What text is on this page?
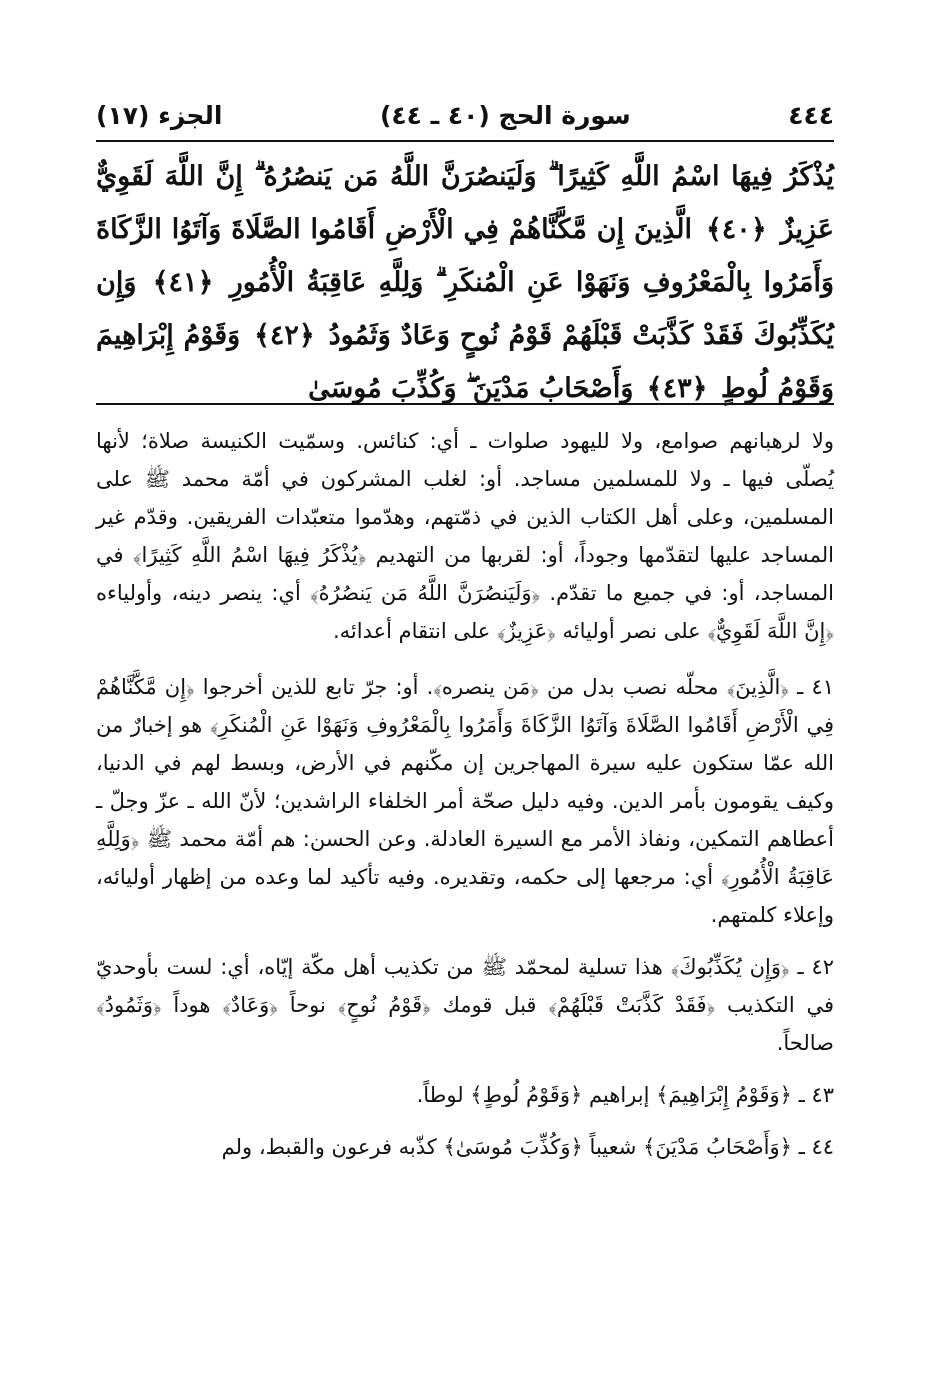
٤٤٤
سورة الحج (٤٠ ـ ٤٤)
الجزء (١٧)
يُذْكَرُ فِيهَا اسْمُ اللَّهِ كَثِيرًا ۗ وَلَيَنصُرَنَّ اللَّهُ مَن يَنصُرُهُ ۗ إِنَّ اللَّهَ لَقَوِيٌّ عَزِيزٌ ﴿٤٠﴾ الَّذِينَ إِن مَّكَّنَّاهُمْ فِي الْأَرْضِ أَقَامُوا الصَّلَاةَ وَآتَوُا الزَّكَاةَ وَأَمَرُوا بِالْمَعْرُوفِ وَنَهَوْا عَنِ الْمُنكَرِ ۗ وَلِلَّهِ عَاقِبَةُ الْأُمُورِ ﴿٤١﴾ وَإِن يُكَذِّبُوكَ فَقَدْ كَذَّبَتْ قَبْلَهُمْ قَوْمُ نُوحٍ وَعَادٌ وَثَمُودُ ﴿٤٢﴾ وَقَوْمُ إِبْرَاهِيمَ وَقَوْمُ لُوطٍ ﴿٤٣﴾ وَأَصْحَابُ مَدْيَنَ ۖ وَكُذِّبَ مُوسَىٰ

ولا لرهبانهم صوامع، ولا لليهود صلوات ـ أي: كنائس. وسمّيت الكنيسة صلاة؛ لأنها يُصلّى فيها ـ ولا للمسلمين مساجد. أو: لغلب المشركون في أمّة محمد ﷺ على المسلمين، وعلى أهل الكتاب الذين في ذمّتهم، وهدّموا متعبّدات الفريقين. وقدّم غير المساجد عليها لتقدّمها وجوداً، أو: لقربها من التهديم ﴿يُذْكَرُ فِيهَا اسْمُ اللَّهِ كَثِيرًا﴾ في المساجد، أو: في جميع ما تقدّم. ﴿وَلَيَنصُرَنَّ اللَّهُ مَن يَنصُرُهُ﴾ أي: ينصر دينه، وأولياءه ﴿إِنَّ اللَّهَ لَقَوِيٌّ﴾ على نصر أوليائه ﴿عَزِيزٌ﴾ على انتقام أعدائه.

٤١ ـ ﴿الَّذِينَ﴾ محلّه نصب بدل من ﴿مَن ينصره﴾. أو: جرّ تابع للذين أخرجوا ﴿إِن مَّكَّنَّاهُمْ فِي الْأَرْضِ أَقَامُوا الصَّلَاةَ وَآتَوُا الزَّكَاةَ وَأَمَرُوا بِالْمَعْرُوفِ وَنَهَوْا عَنِ الْمُنكَرِ﴾ هو إخبارٌ من الله عمّا ستكون عليه سيرة المهاجرين إن مكّنهم في الأرض، وبسط لهم في الدنيا، وكيف يقومون بأمر الدين. وفيه دليل صحّة أمر الخلفاء الراشدين؛ لأنّ الله ـ عزّ وجلّ ـ أعطاهم التمكين، ونفاذ الأمر مع السيرة العادلة. وعن الحسن: هم أمّة محمد ﷺ ﴿وَلِلَّهِ عَاقِبَةُ الْأُمُورِ﴾ أي: مرجعها إلى حكمه، وتقديره. وفيه تأكيد لما وعده من إظهار أوليائه، وإعلاء كلمتهم.

٤٢ ـ ﴿وَإِن يُكَذِّبُوكَ﴾ هذا تسلية لمحمّد ﷺ من تكذيب أهل مكّة إيّاه، أي: لست بأوحديّ في التكذيب ﴿فَقَدْ كَذَّبَتْ قَبْلَهُمْ﴾ قبل قومك ﴿قَوْمُ نُوحٍ﴾ نوحاً ﴿وَعَادٌ﴾ هوداً ﴿وَثَمُودُ﴾ صالحاً.

٤٣ ـ ﴿وَقَوْمُ إِبْرَاهِيمَ﴾ إبراهيم ﴿وَقَوْمُ لُوطٍ﴾ لوطاً.

٤٤ ـ ﴿وَأَصْحَابُ مَدْيَنَ﴾ شعيباً ﴿وَكُذِّبَ مُوسَىٰ﴾ كذّبه فرعون والقبط، ولم
